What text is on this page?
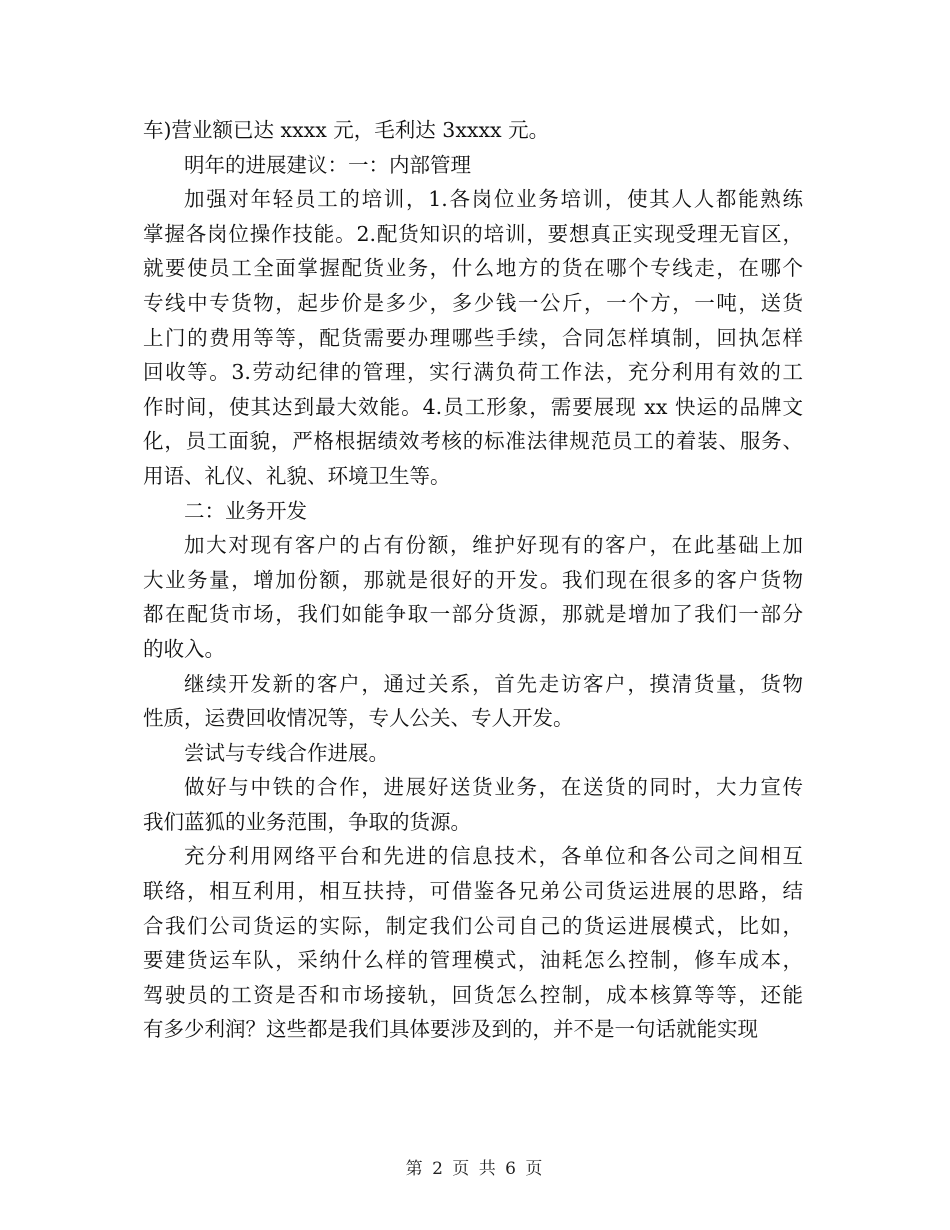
车)营业额已达 xxxx 元，毛利达 3xxxx 元。

明年的进展建议：一：内部管理

加强对年轻员工的培训，1.各岗位业务培训，使其人人都能熟练

掌握各岗位操作技能。2.配货知识的培训，要想真正实现受理无盲区，

就要使员工全面掌握配货业务，什么地方的货在哪个专线走，在哪个

专线中专货物，起步价是多少，多少钱一公斤，一个方，一吨，送货

上门的费用等等，配货需要办理哪些手续，合同怎样填制，回执怎样

回收等。3.劳动纪律的管理，实行满负荷工作法，充分利用有效的工

作时间，使其达到最大效能。4.员工形象，需要展现 xx 快运的品牌文

化，员工面貌，严格根据绩效考核的标准法律规范员工的着装、服务、

用语、礼仪、礼貌、环境卫生等。

二：业务开发

加大对现有客户的占有份额，维护好现有的客户，在此基础上加

大业务量，增加份额，那就是很好的开发。我们现在很多的客户货物

都在配货市场，我们如能争取一部分货源，那就是增加了我们一部分

的收入。

继续开发新的客户，通过关系，首先走访客户，摸清货量，货物

性质，运费回收情况等，专人公关、专人开发。

尝试与专线合作进展。

做好与中铁的合作，进展好送货业务，在送货的同时，大力宣传

我们蓝狐的业务范围，争取的货源。

充分利用网络平台和先进的信息技术，各单位和各公司之间相互

联络，相互利用，相互扶持，可借鉴各兄弟公司货运进展的思路，结

合我们公司货运的实际，制定我们公司自己的货运进展模式，比如，

要建货运车队，采纳什么样的管理模式，油耗怎么控制，修车成本，

驾驶员的工资是否和市场接轨，回货怎么控制，成本核算等等，还能

有多少利润？这些都是我们具体要涉及到的，并不是一句话就能实现

第 2 页 共 6 页
